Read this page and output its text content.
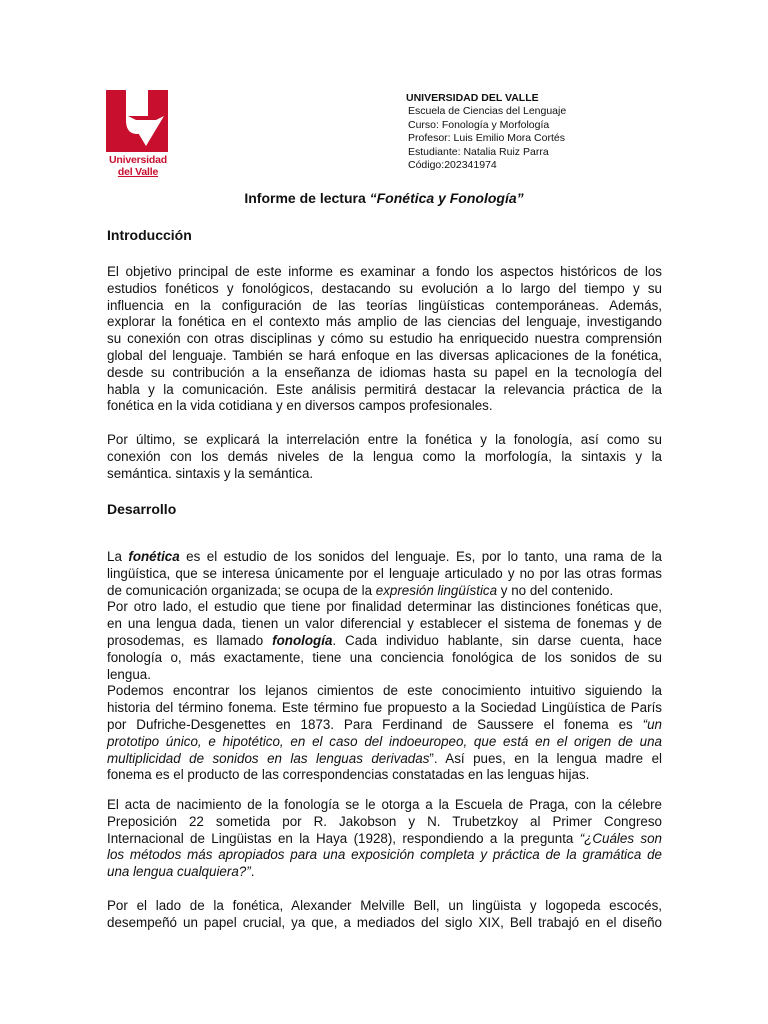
Universidad
del Valle
UNIVERSIDAD DEL VALLE
Escuela de Ciencias del Lenguaje
Curso: Fonología y Morfología
Profesor: Luis Emilio Mora Cortés
Estudiante: Natalia Ruiz Parra
Código:202341974
Informe de lectura “Fonética y Fonología”
Introducción
El objetivo principal de este informe es examinar a fondo los aspectos históricos de los
estudios fonéticos y fonológicos, destacando su evolución a lo largo del tiempo y su
influencia en la configuración de las teorías lingüísticas contemporáneas. Además,
explorar la fonética en el contexto más amplio de las ciencias del lenguaje, investigando
su conexión con otras disciplinas y cómo su estudio ha enriquecido nuestra comprensión
global del lenguaje. También se hará enfoque en las diversas aplicaciones de la fonética,
desde su contribución a la enseñanza de idiomas hasta su papel en la tecnología del
habla y la comunicación. Este análisis permitirá destacar la relevancia práctica de la
fonética en la vida cotidiana y en diversos campos profesionales.
Por último, se explicará la interrelación entre la fonética y la fonología, así como su
conexión con los demás niveles de la lengua como la morfología, la sintaxis y la
semántica. sintaxis y la semántica.
Desarrollo
La fonética es el estudio de los sonidos del lenguaje. Es, por lo tanto, una rama de la
lingüística, que se interesa únicamente por el lenguaje articulado y no por las otras formas
de comunicación organizada; se ocupa de la expresión lingüística y no del contenido.
Por otro lado, el estudio que tiene por finalidad determinar las distinciones fonéticas que,
en una lengua dada, tienen un valor diferencial y establecer el sistema de fonemas y de
prosodemas, es llamado fonología. Cada individuo hablante, sin darse cuenta, hace
fonología o, más exactamente, tiene una conciencia fonológica de los sonidos de su
lengua.
Podemos encontrar los lejanos cimientos de este conocimiento intuitivo siguiendo la
historia del término fonema. Este término fue propuesto a la Sociedad Lingüística de París
por Dufriche-Desgenettes en 1873. Para Ferdinand de Saussere el fonema es “un
prototipo único, e hipotético, en el caso del indoeuropeo, que está en el origen de una
multiplicidad de sonidos en las lenguas derivadas”. Así pues, en la lengua madre el
fonema es el producto de las correspondencias constatadas en las lenguas hijas.
El acta de nacimiento de la fonología se le otorga a la Escuela de Praga, con la célebre
Preposición 22 sometida por R. Jakobson y N. Trubetzkoy al Primer Congreso
Internacional de Lingüistas en la Haya (1928), respondiendo a la pregunta “¿Cuáles son
los métodos más apropiados para una exposición completa y práctica de la gramática de
una lengua cualquiera?”.
Por el lado de la fonética, Alexander Melville Bell, un lingüista y logopeda escocés,
desempeñó un papel crucial, ya que, a mediados del siglo XIX, Bell trabajó en el diseño
